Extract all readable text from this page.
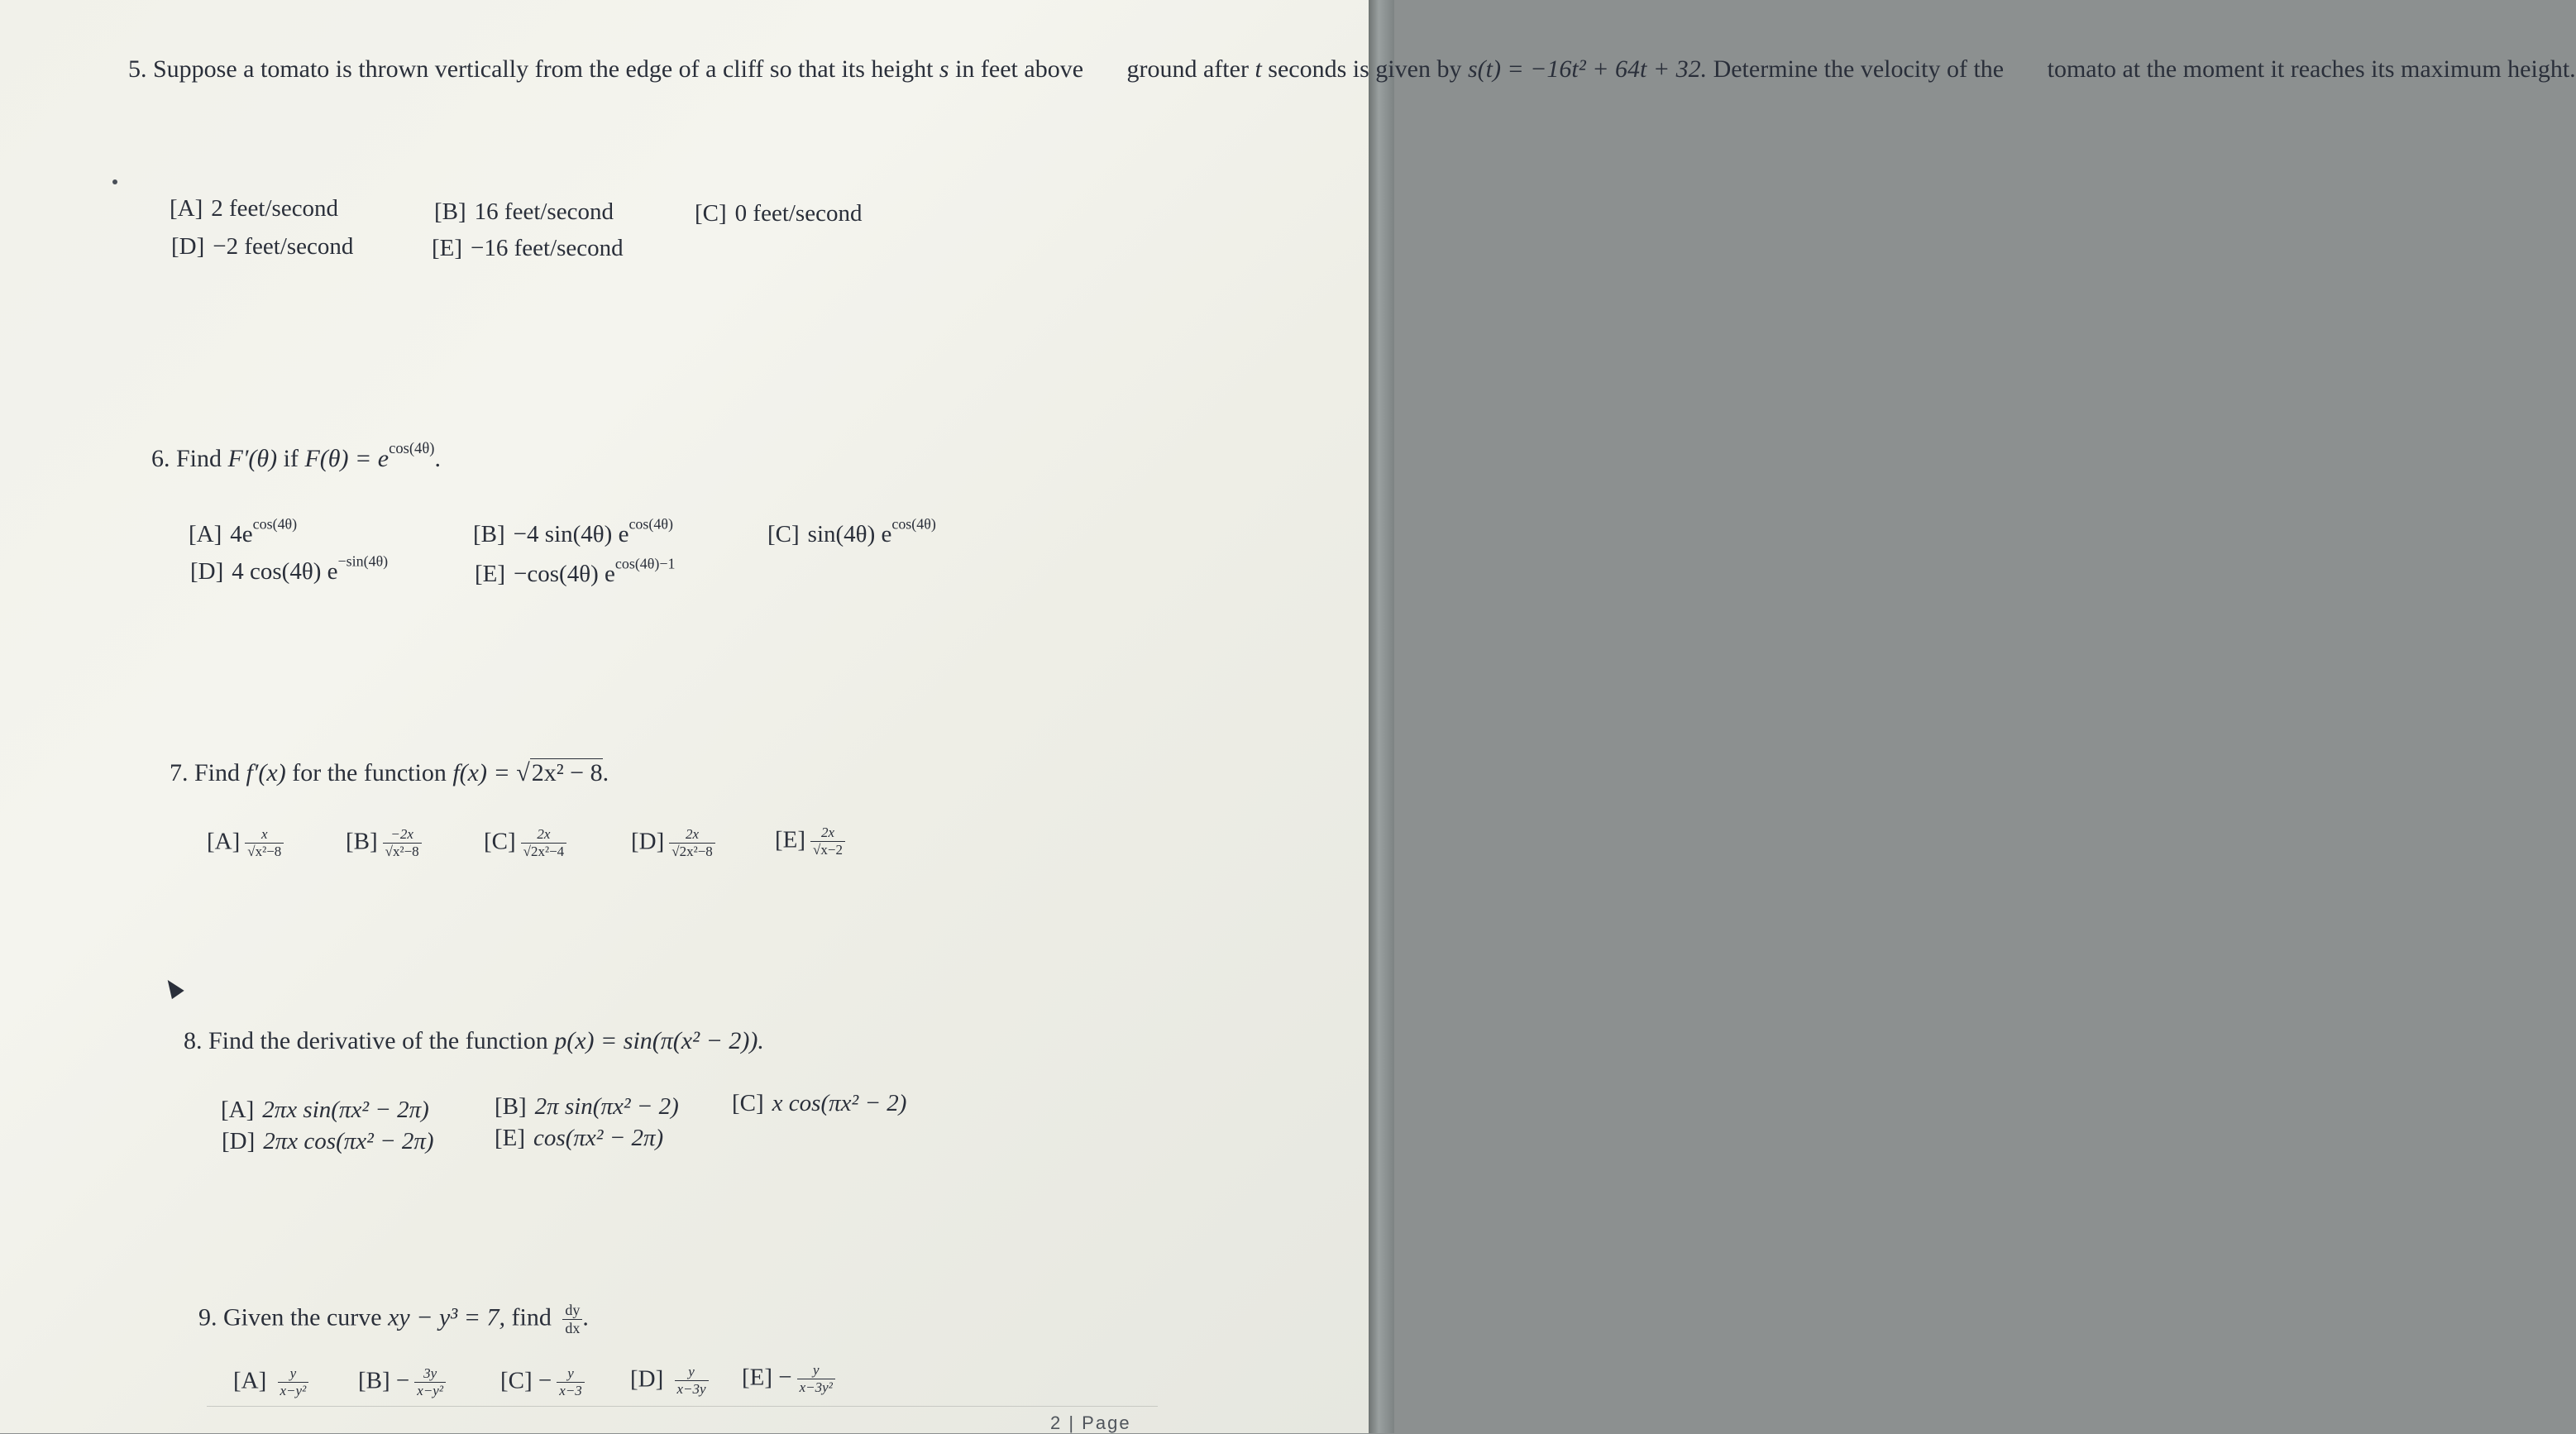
5. Suppose a tomato is thrown vertically from the edge of a cliff so that its height s in feet above ground after t seconds is given by s(t) = −16t² + 64t + 32. Determine the velocity of the tomato at the moment it reaches its maximum height.
[A] 2 feet/second	[B] 16 feet/second	[C] 0 feet/second
[D] −2 feet/second	[E] −16 feet/second
6. Find F′(θ) if $F(\theta) = e^{cos(4\theta)}$.
[A] $4e^{cos(4\theta)}$	[B] −4 sin(4θ) $e^{cos(4\theta)}$	[C] sin(4θ) $e^{cos(4\theta)}$
[D] 4 cos(4θ) $e^{-sin(4\theta)}$	[E] −cos(4θ) $e^{cos(4\theta)-1}$
7. Find f′(x) for the function f(x) = √2x² − 8.
$[A] \frac{x}{\text{√x²−8}}$	$[B] \frac{-2x}{\text{√x²−8}}$	$[C] \frac{2x}{\text{√2x²−4}}$	$[D] \frac{2x}{\text{√2x²−8}} [E] \frac{2x}{√x-2}$
8. Find the derivative of the function p(x) = sin(π(x² − 2)).
[A] 2πx sin(πx² − 2π)	[B] 2π sin(πx² − 2) [C] x cos(πx² − 2)
[D] 2πx cos(πx² − 2π)	[E] cos(πx² − 2π)
9. Given the curve xy − y³ = 7, find $\frac{dy}{dx}$ .
$[A] \frac{y}{\text{x−y²}} [B] - \frac{3y}{\text{x−y²}} [C] - \frac{y}{x-3} [D] \frac{y}{x-3y} [E] - \frac{y}{\text{x−3y²}}$
2 | Page
